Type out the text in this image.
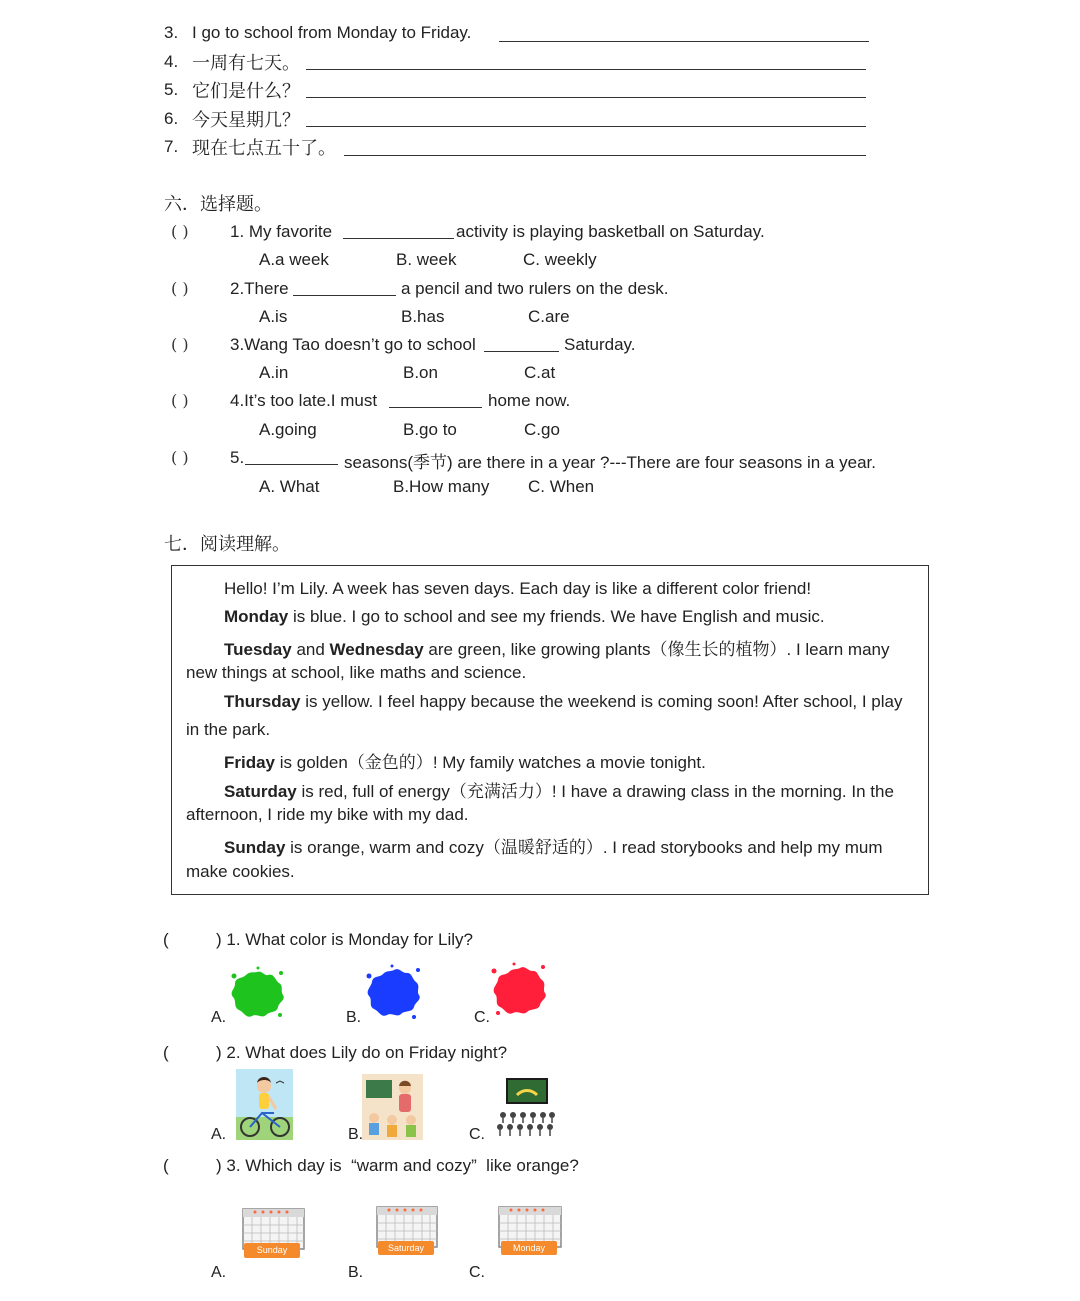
3. I go to school from Monday to Friday.
4. 一周有七天。
5. 它们是什么？
6. 今天星期几？
7. 现在七点五十了。
六．选择题。
( ) 1. My favorite	activity is playing basketball on Saturday.
A.a week	B. week	C. weekly
( ) 2.There	a pencil and two rulers on the desk.
A.is	B.has	C.are
( ) 3.Wang Tao doesn’t go to school	Saturday.
A.in	B.on	C.at
( ) 4.It’s too late.I must	home now.
A.going	B.go to	C.go
( ) 5.	seasons(季节) are there in a year ?---There are four seasons in a year.
A. What	B.How many C. When
七．阅读理解。
Hello! I’m Lily. A week has seven days. Each day is like a different color friend!
Monday is blue. I go to school and see my friends. We have English and music.
Tuesday and Wednesday are green, like growing plants（像生长的植物）. I learn many
new things at school, like maths and science.
Thursday is yellow. I feel happy because the weekend is coming soon! After school, I play
in the park.
Friday is golden（金色的）! My family watches a movie tonight.
Saturday is red, full of energy（充满活力）! I have a drawing class in the morning. In the
afternoon, I ride my bike with my dad.
Sunday is orange, warm and cozy（温暖舒适的）. I read storybooks and help my mum
make cookies.
(	) 1. What color is Monday for Lily?
A.	B.	C.
(	) 2. What does Lily do on Friday night?
A.	B.	C.
(	) 3. Which day is  “warm and cozy”  like orange?
Sunday	Saturday	Monday
A.	B.	C.
